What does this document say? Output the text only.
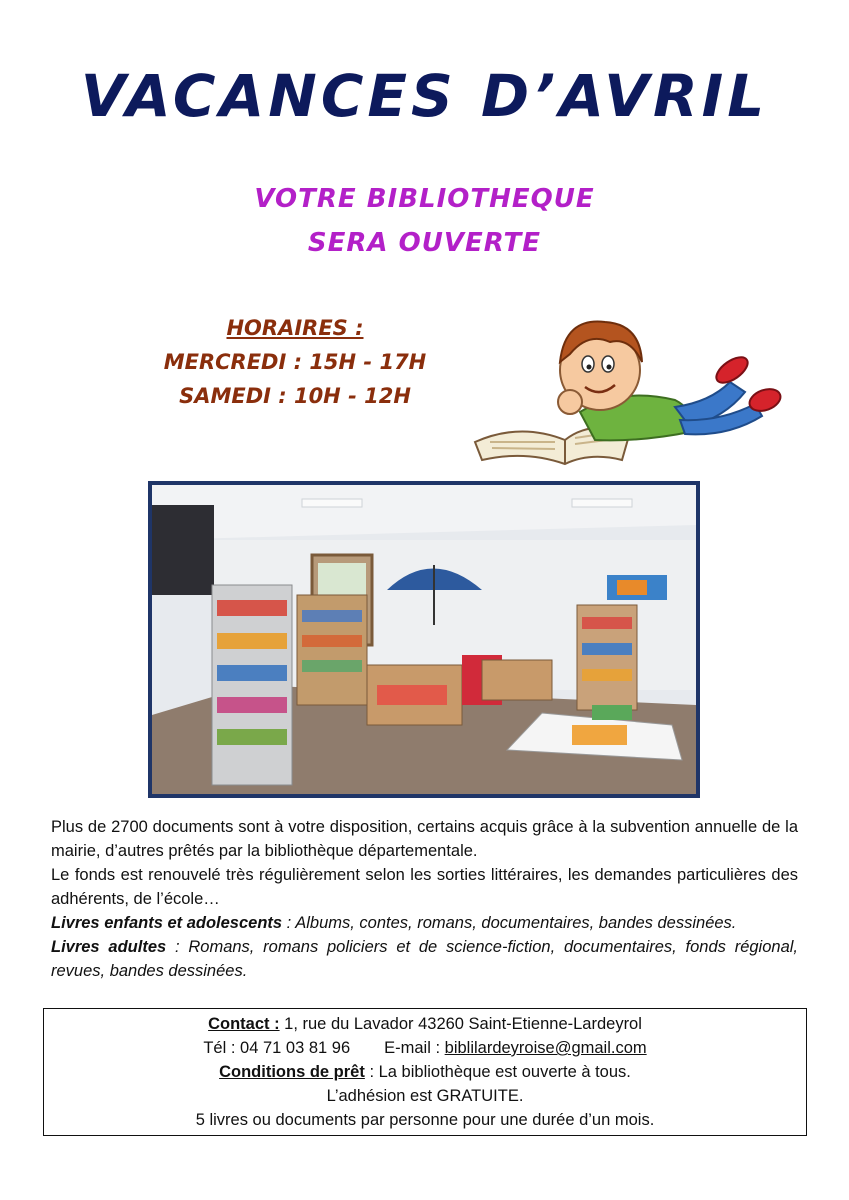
VACANCES D’AVRIL
VOTRE BIBLIOTHEQUE
SERA OUVERTE
HORAIRES :
MERCREDI : 15H - 17H
SAMEDI : 10H - 12H

Plus de 2700 documents sont à votre disposition, certains acquis grâce à la subvention annuelle de la mairie, d’autres prêtés par la bibliothèque départementale.

Le fonds est renouvelé très régulièrement selon les sorties littéraires, les demandes particulières des adhérents, de l’école…

Livres enfants et adolescents : Albums, contes, romans, documentaires, bandes dessinées.

Livres adultes : Romans, romans policiers et de science-fiction, documentaires, fonds régional, revues, bandes dessinées.

Contact : 1, rue du Lavador 43260 Saint-Etienne-Lardeyrol
Tél : 04 71 03 81 96 E-mail : biblilardeyroise@gmail.com
Conditions de prêt : La bibliothèque est ouverte à tous.
L’adhésion est GRATUITE.
5 livres ou documents par personne pour une durée d’un mois.
